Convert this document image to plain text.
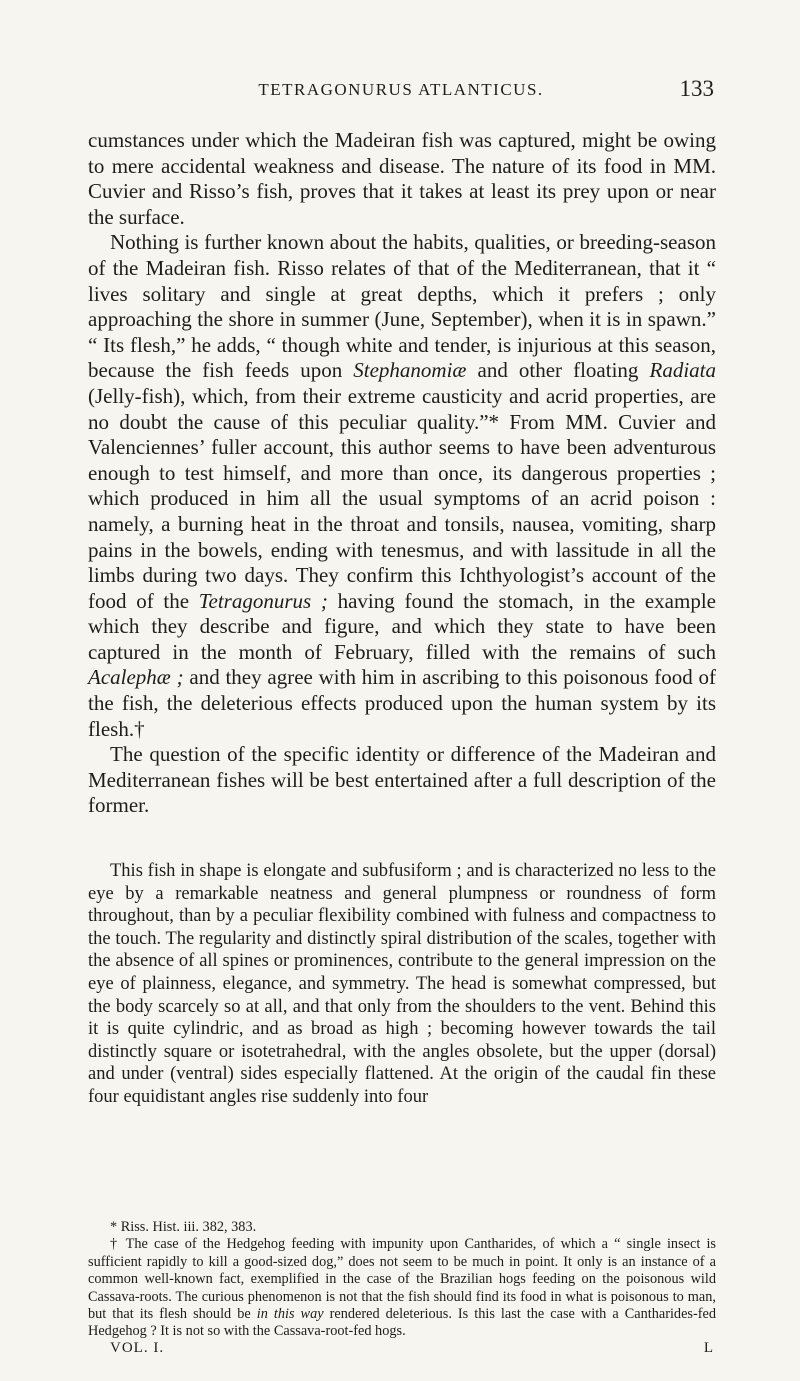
TETRAGONURUS ATLANTICUS.	133

cumstances under which the Madeiran fish was captured, might be owing to mere accidental weakness and disease. The nature of its food in MM. Cuvier and Risso’s fish, proves that it takes at least its prey upon or near the surface.

Nothing is further known about the habits, qualities, or breeding-season of the Madeiran fish. Risso relates of that of the Mediterranean, that it “ lives solitary and single at great depths, which it prefers ; only approaching the shore in summer (June, September), when it is in spawn.” “ Its flesh,” he adds, “ though white and tender, is injurious at this season, because the fish feeds upon Stephanomiæ and other floating Radiata (Jelly-fish), which, from their extreme causticity and acrid properties, are no doubt the cause of this peculiar quality.”* From MM. Cuvier and Valenciennes’ fuller account, this author seems to have been adventurous enough to test himself, and more than once, its dangerous properties ; which produced in him all the usual symptoms of an acrid poison : namely, a burning heat in the throat and tonsils, nausea, vomiting, sharp pains in the bowels, ending with tenesmus, and with lassitude in all the limbs during two days. They confirm this Ichthyologist’s account of the food of the Tetragonurus ; having found the stomach, in the example which they describe and figure, and which they state to have been captured in the month of February, filled with the remains of such Acalephæ ; and they agree with him in ascribing to this poisonous food of the fish, the deleterious effects produced upon the human system by its flesh.†

The question of the specific identity or difference of the Madeiran and Mediterranean fishes will be best entertained after a full description of the former.

This fish in shape is elongate and subfusiform ; and is characterized no less to the eye by a remarkable neatness and general plumpness or roundness of form throughout, than by a peculiar flexibility combined with fulness and compactness to the touch. The regularity and distinctly spiral distribution of the scales, together with the absence of all spines or prominences, contribute to the general impression on the eye of plainness, elegance, and symmetry. The head is somewhat compressed, but the body scarcely so at all, and that only from the shoulders to the vent. Behind this it is quite cylindric, and as broad as high ; becoming however towards the tail distinctly square or isotetrahedral, with the angles obsolete, but the upper (dorsal) and under (ventral) sides especially flattened. At the origin of the caudal fin these four equidistant angles rise suddenly into four

* Riss. Hist. iii. 382, 383.

† The case of the Hedgehog feeding with impunity upon Cantharides, of which a “ single insect is sufficient rapidly to kill a good-sized dog,” does not seem to be much in point. It only is an instance of a common well-known fact, exemplified in the case of the Brazilian hogs feeding on the poisonous wild Cassava-roots. The curious phenomenon is not that the fish should find its food in what is poisonous to man, but that its flesh should be in this way rendered deleterious. Is this last the case with a Cantharides-fed Hedgehog ? It is not so with the Cassava-root-fed hogs.

VOL. I.	L
